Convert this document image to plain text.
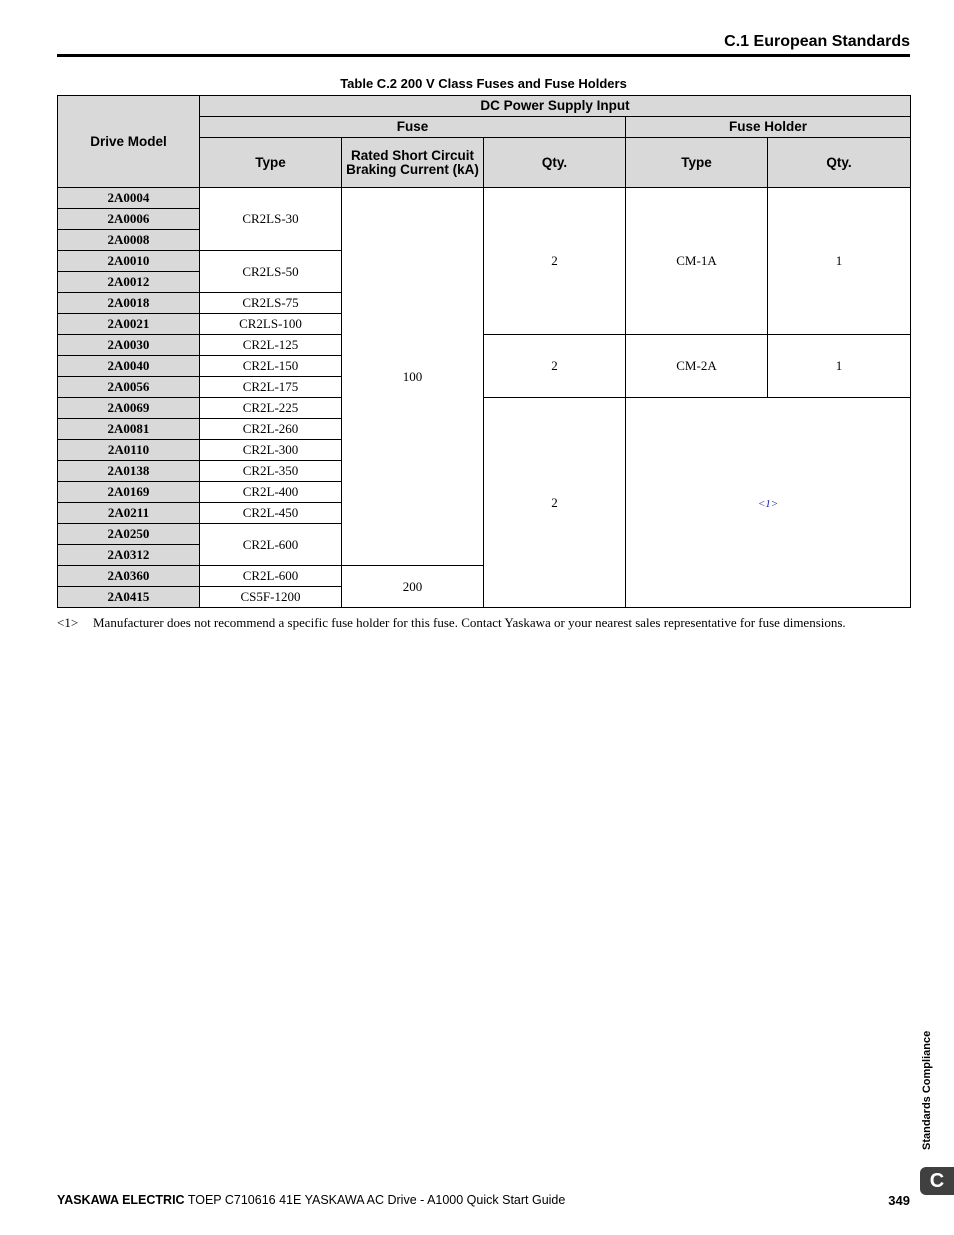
C.1 European Standards
Table C.2 200 V Class Fuses and Fuse Holders
Drive Model	DC Power Supply Input				
	Fuse			Fuse Holder	
	Type	Rated Short Circuit Braking Current (kA)	Qty.	Type	Qty.
2A0004	CR2LS-30	100	2	CM-1A	1
2A0006					
2A0008					
2A0010	CR2LS-50				
2A0012					
2A0018	CR2LS-75				
2A0021	CR2LS-100				
2A0030	CR2L-125		2	CM-2A	1
2A0040	CR2L-150				
2A0056	CR2L-175				
2A0069	CR2L-225		2	<1>	
2A0081	CR2L-260				
2A0110	CR2L-300				
2A0138	CR2L-350				
2A0169	CR2L-400				
2A0211	CR2L-450				
2A0250	CR2L-600				
2A0312					
2A0360	CR2L-600	200			
2A0415	CS5F-1200				
<1> Manufacturer does not recommend a specific fuse holder for this fuse. Contact Yaskawa or your nearest sales representative for fuse dimensions.
Standards Compliance
C
YASKAWA ELECTRIC TOEP C710616 41E YASKAWA AC Drive - A1000 Quick Start Guide	349
